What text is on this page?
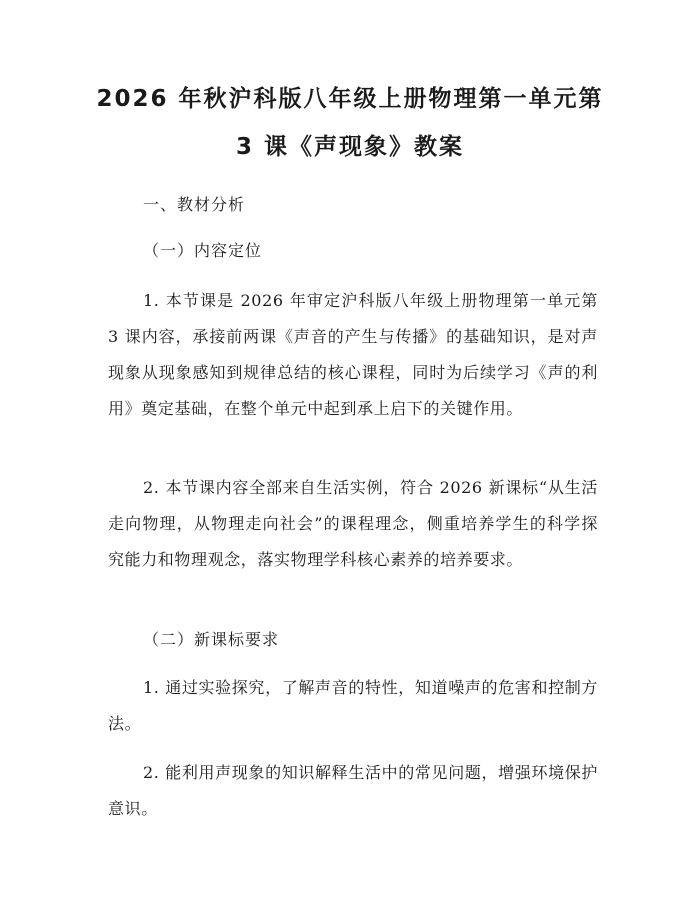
2026 年秋沪科版八年级上册物理第一单元第
3 课《声现象》教案

一、教材分析

（一）内容定位

1. 本节课是 2026 年审定沪科版八年级上册物理第一单元第 3 课内容，承接前两课《声音的产生与传播》的基础知识，是对声现象从现象感知到规律总结的核心课程，同时为后续学习《声的利用》奠定基础，在整个单元中起到承上启下的关键作用。

2. 本节课内容全部来自生活实例，符合 2026 新课标“从生活走向物理，从物理走向社会”的课程理念，侧重培养学生的科学探究能力和物理观念，落实物理学科核心素养的培养要求。

（二）新课标要求

1. 通过实验探究，了解声音的特性，知道噪声的危害和控制方法。

2. 能利用声现象的知识解释生活中的常见问题，增强环境保护意识。
